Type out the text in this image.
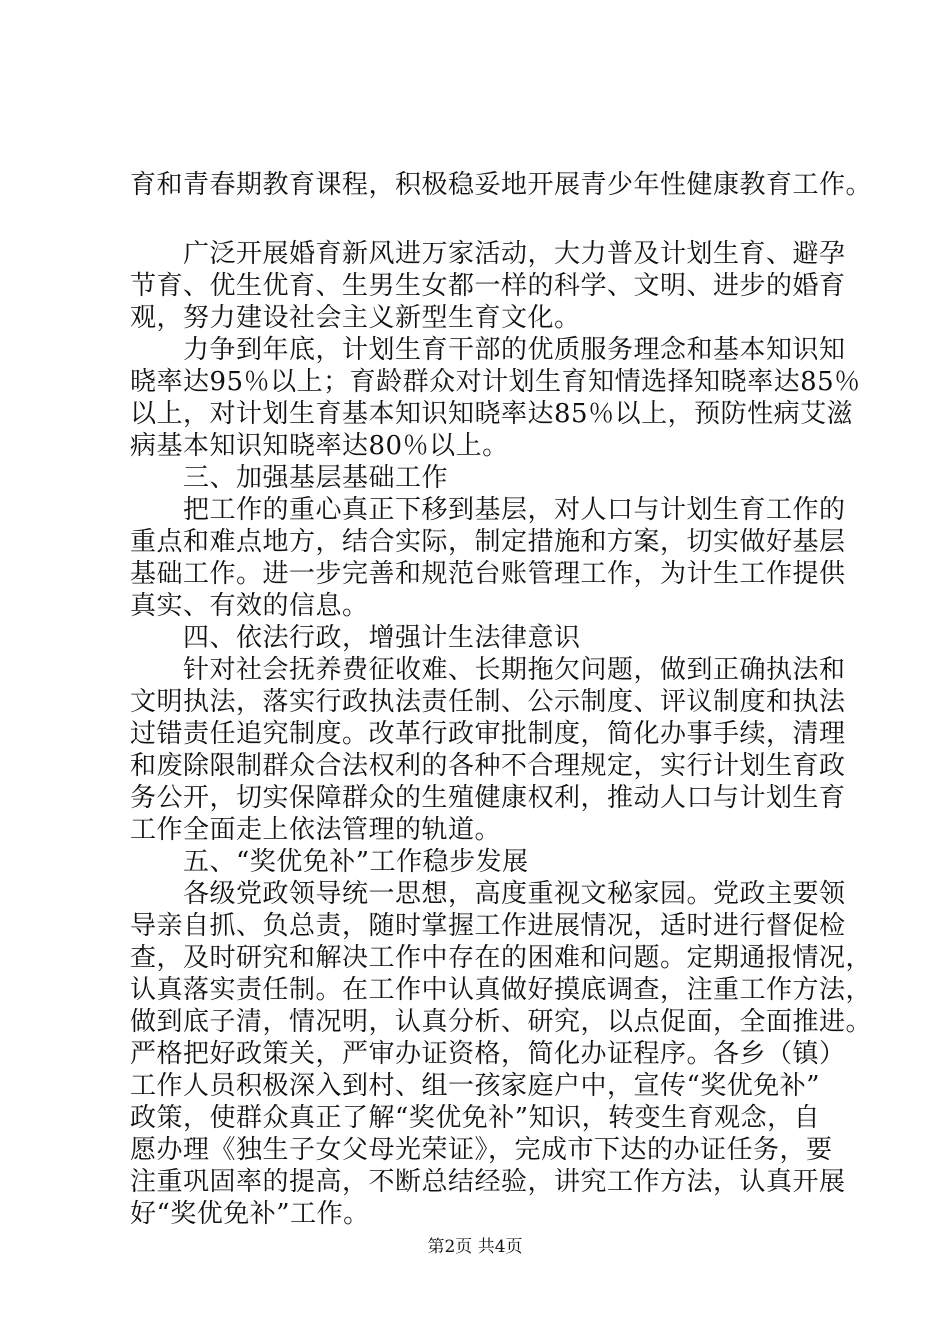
育和青春期教育课程，积极稳妥地开展青少年性健康教育工作。
　　广泛开展婚育新风进万家活动，大力普及计划生育、避孕
节育、优生优育、生男生女都一样的科学、文明、进步的婚育
观，努力建设社会主义新型生育文化。
　　力争到年底，计划生育干部的优质服务理念和基本知识知
晓率达95％以上；育龄群众对计划生育知情选择知晓率达85％
以上，对计划生育基本知识知晓率达85％以上，预防性病艾滋
病基本知识知晓率达80％以上。
　　三、加强基层基础工作
　　把工作的重心真正下移到基层，对人口与计划生育工作的
重点和难点地方，结合实际，制定措施和方案，切实做好基层
基础工作。进一步完善和规范台账管理工作，为计生工作提供
真实、有效的信息。
　　四、依法行政，增强计生法律意识
　　针对社会抚养费征收难、长期拖欠问题，做到正确执法和
文明执法，落实行政执法责任制、公示制度、评议制度和执法
过错责任追究制度。改革行政审批制度，简化办事手续，清理
和废除限制群众合法权利的各种不合理规定，实行计划生育政
务公开，切实保障群众的生殖健康权利，推动人口与计划生育
工作全面走上依法管理的轨道。
　　五、“奖优免补”工作稳步发展
　　各级党政领导统一思想，高度重视文秘家园。党政主要领
导亲自抓、负总责，随时掌握工作进展情况，适时进行督促检
查，及时研究和解决工作中存在的困难和问题。定期通报情况，
认真落实责任制。在工作中认真做好摸底调查，注重工作方法，
做到底子清，情况明，认真分析、研究，以点促面，全面推进。
严格把好政策关，严审办证资格，简化办证程序。各乡（镇）
工作人员积极深入到村、组一孩家庭户中，宣传“奖优免补”
政策，使群众真正了解“奖优免补”知识，转变生育观念，自
愿办理《独生子女父母光荣证》，完成市下达的办证任务，要
注重巩固率的提高，不断总结经验，讲究工作方法，认真开展
好“奖优免补”工作。
第2页 共4页
